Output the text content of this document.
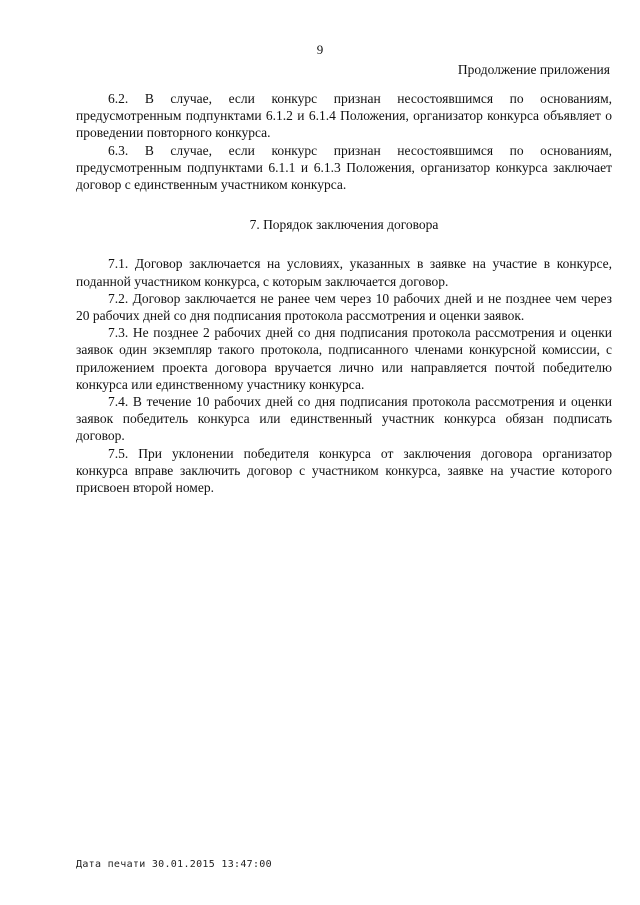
9
Продолжение приложения

6.2. В случае, если конкурс признан несостоявшимся по основаниям, предусмотренным подпунктами 6.1.2 и 6.1.4 Положения, организатор конкурса объявляет о проведении повторного конкурса.

6.3. В случае, если конкурс признан несостоявшимся по основаниям, предусмотренным подпунктами 6.1.1 и 6.1.3 Положения, организатор конкурса заключает договор с единственным участником конкурса.

7. Порядок заключения договора

7.1. Договор заключается на условиях, указанных в заявке на участие в конкурсе, поданной участником конкурса, с которым заключается договор.

7.2. Договор заключается не ранее чем через 10 рабочих дней и не позднее чем через 20 рабочих дней со дня подписания протокола рассмотрения и оценки заявок.

7.3. Не позднее 2 рабочих дней со дня подписания протокола рассмотрения и оценки заявок один экземпляр такого протокола, подписанного членами конкурсной комиссии, с приложением проекта договора вручается лично или направляется почтой победителю конкурса или единственному участнику конкурса.

7.4. В течение 10 рабочих дней со дня подписания протокола рассмотрения и оценки заявок победитель конкурса или единственный участник конкурса обязан подписать договор.

7.5. При уклонении победителя конкурса от заключения договора организатор конкурса вправе заключить договор с участником конкурса, заявке на участие которого присвоен второй номер.

Дата печати 30.01.2015 13:47:00
